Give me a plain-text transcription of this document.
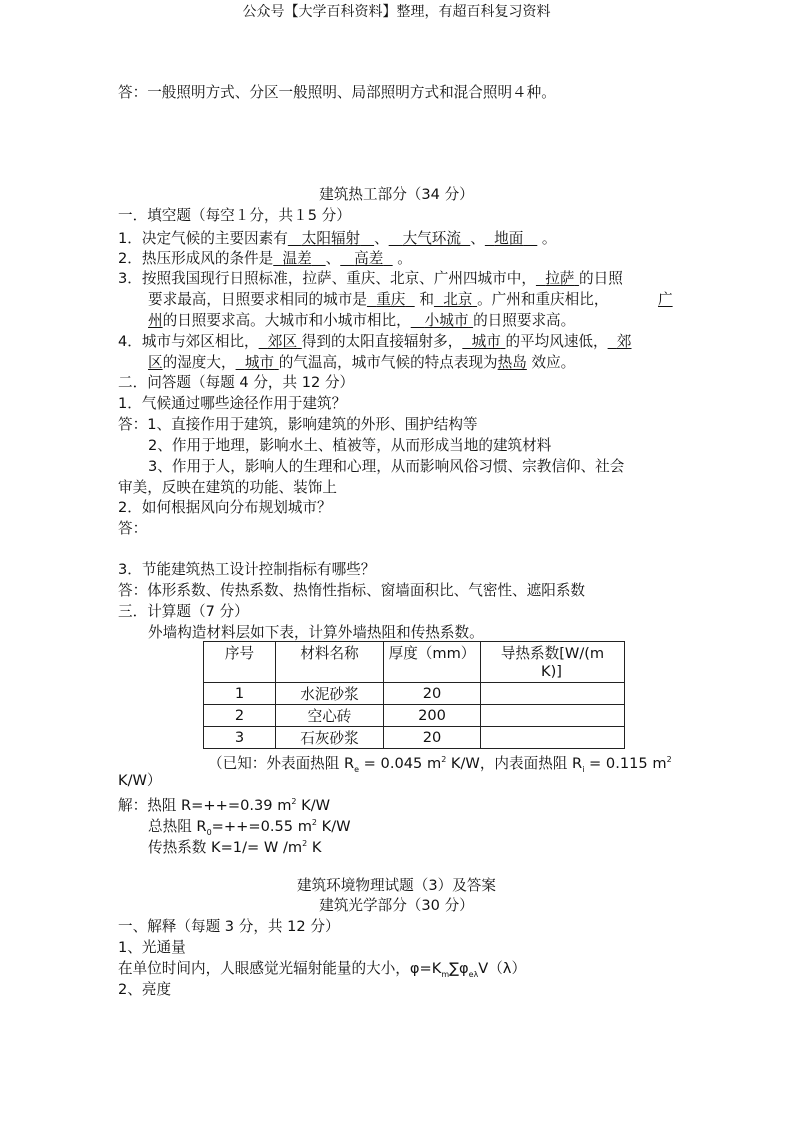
公众号【大学百科资料】整理，有超百科复习资料
答：一般照明方式、分区一般照明、局部照明方式和混合照明４种。
建筑热工部分（34 分）
一．填空题（每空１分，共１5 分）
1．决定气候的主要因素有 太阳辐射 、 大气环流 、 地面 。
2．热压形成风的条件是 温差 、 高差 。
3．按照我国现行日照标准，拉萨、重庆、北京、广州四城市中， 拉萨 的日照
广
要求最高，日照要求相同的城市是 重庆 和 北京 。广州和重庆相比，
州的日照要求高。大城市和小城市相比， 小城市 的日照要求高。
4．城市与郊区相比， 郊区 得到的太阳直接辐射多， 城市 的平均风速低， 郊
区的湿度大， 城市 的气温高，城市气候的特点表现为热岛 效应。
二．问答题（每题 4 分，共 12 分）
1．气候通过哪些途径作用于建筑？
答：1、直接作用于建筑，影响建筑的外形、围护结构等
2、作用于地理，影响水土、植被等，从而形成当地的建筑材料
3、作用于人，影响人的生理和心理，从而影响风俗习惯、宗教信仰、社会
审美，反映在建筑的功能、装饰上
2．如何根据风向分布规划城市？
答：
3．节能建筑热工设计控制指标有哪些？
答：体形系数、传热系数、热惰性指标、窗墙面积比、气密性、遮阳系数
三．计算题（7 分）
外墙构造材料层如下表，计算外墙热阻和传热系数。
序号	材料名称	厚度（mm）	导热系数[W/(m
K)]

1	水泥砂浆	20	
2	空心砖	200	
3	石灰砂浆	20	
（已知：外表面热阻 $R_e = 0.045$ $m^2$ K/W，内表面热阻 $R_i = 0.115$ $m^2$
K/W）
解：热阻 R=++=0.39 $m^2$ K/W
总热阻 $R_0=++=0.55$ $m^2$ K/W
传热系数 K=1/= W $/m^2$ K
建筑环境物理试题（3）及答案
建筑光学部分（30 分）
一、解释（每题 3 分，共 12 分）
1、光通量
在单位时间内，人眼感觉光辐射能量的大小，$\varphi=K_m\sum\varphi_{e\lambda}V(\lambda)$
2、亮度
